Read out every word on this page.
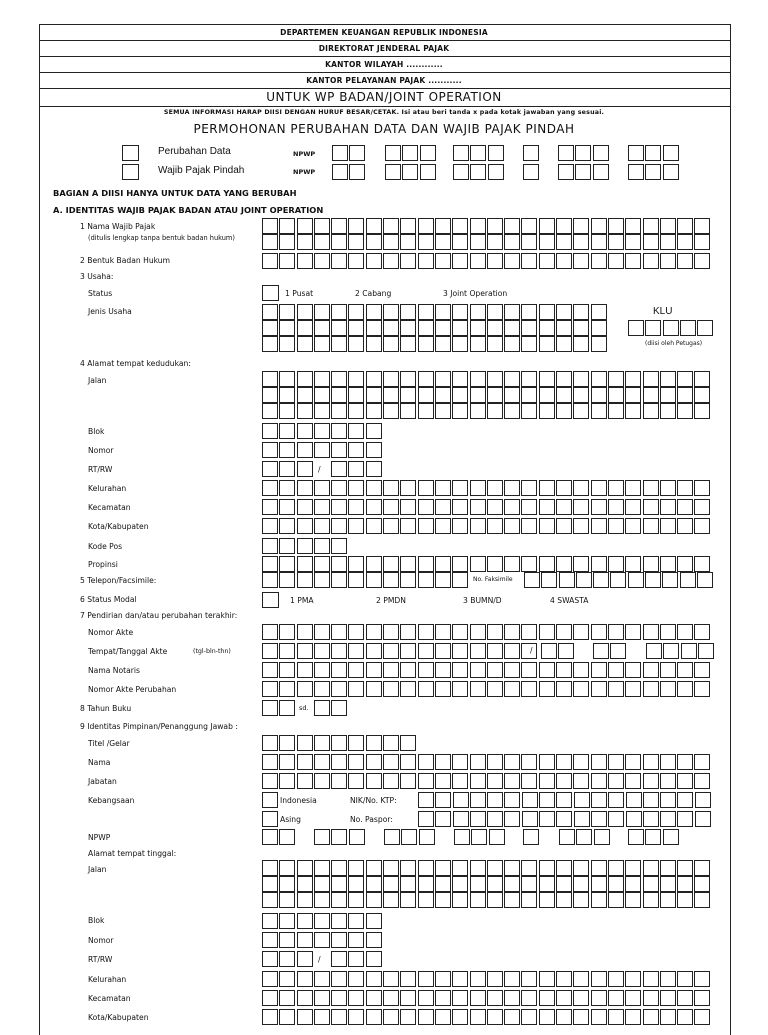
DEPARTEMEN KEUANGAN REPUBLIK INDONESIA
DIREKTORAT JENDERAL PAJAK
KANTOR WILAYAH ............
KANTOR PELAYANAN PAJAK ...........
UNTUK WP BADAN/JOINT OPERATION
SEMUA INFORMASI HARAP DIISI DENGAN HURUF BESAR/CETAK. Isi atau beri tanda x pada kotak jawaban yang sesuai.
PERMOHONAN PERUBAHAN DATA DAN WAJIB PAJAK PINDAH
Perubahan Data	NPWP
Wajib Pajak Pindah	NPWP
BAGIAN A DIISI HANYA UNTUK DATA YANG BERUBAH
A. IDENTITAS WAJIB PAJAK BADAN ATAU JOINT OPERATION
1 Nama Wajib Pajak
(ditulis lengkap tanpa bentuk badan hukum)
2 Bentuk Badan Hukum
3 Usaha:
Status	1 Pusat	2 Cabang	3 Joint Operation
Jenis Usaha	KLU
(diisi oleh Petugas)
4 Alamat tempat kedudukan:
Jalan
Blok
Nomor
RT/RW	/
Kelurahan
Kecamatan
Kota/Kabupaten
Kode Pos
Propinsi
5 Telepon/Facsimile:	No. Faksimile
6 Status Modal	1 PMA	2 PMDN	3 BUMN/D	4 SWASTA
7 Pendirian dan/atau perubahan terakhir:
Nomor Akte
Tempat/Tanggal Akte	(tgl-bln-thn)	/
Nama Notaris
Nomor Akte Perubahan
8 Tahun Buku	sd.
9 Identitas Pimpinan/Penanggung Jawab :
Titel /Gelar
Nama
Jabatan
Kebangsaan	Indonesia	NIK/No. KTP:
Asing	No. Paspor:
NPWP
Alamat tempat tinggal:
Jalan
Blok
Nomor
RT/RW	/
Kelurahan
Kecamatan
Kota/Kabupaten
